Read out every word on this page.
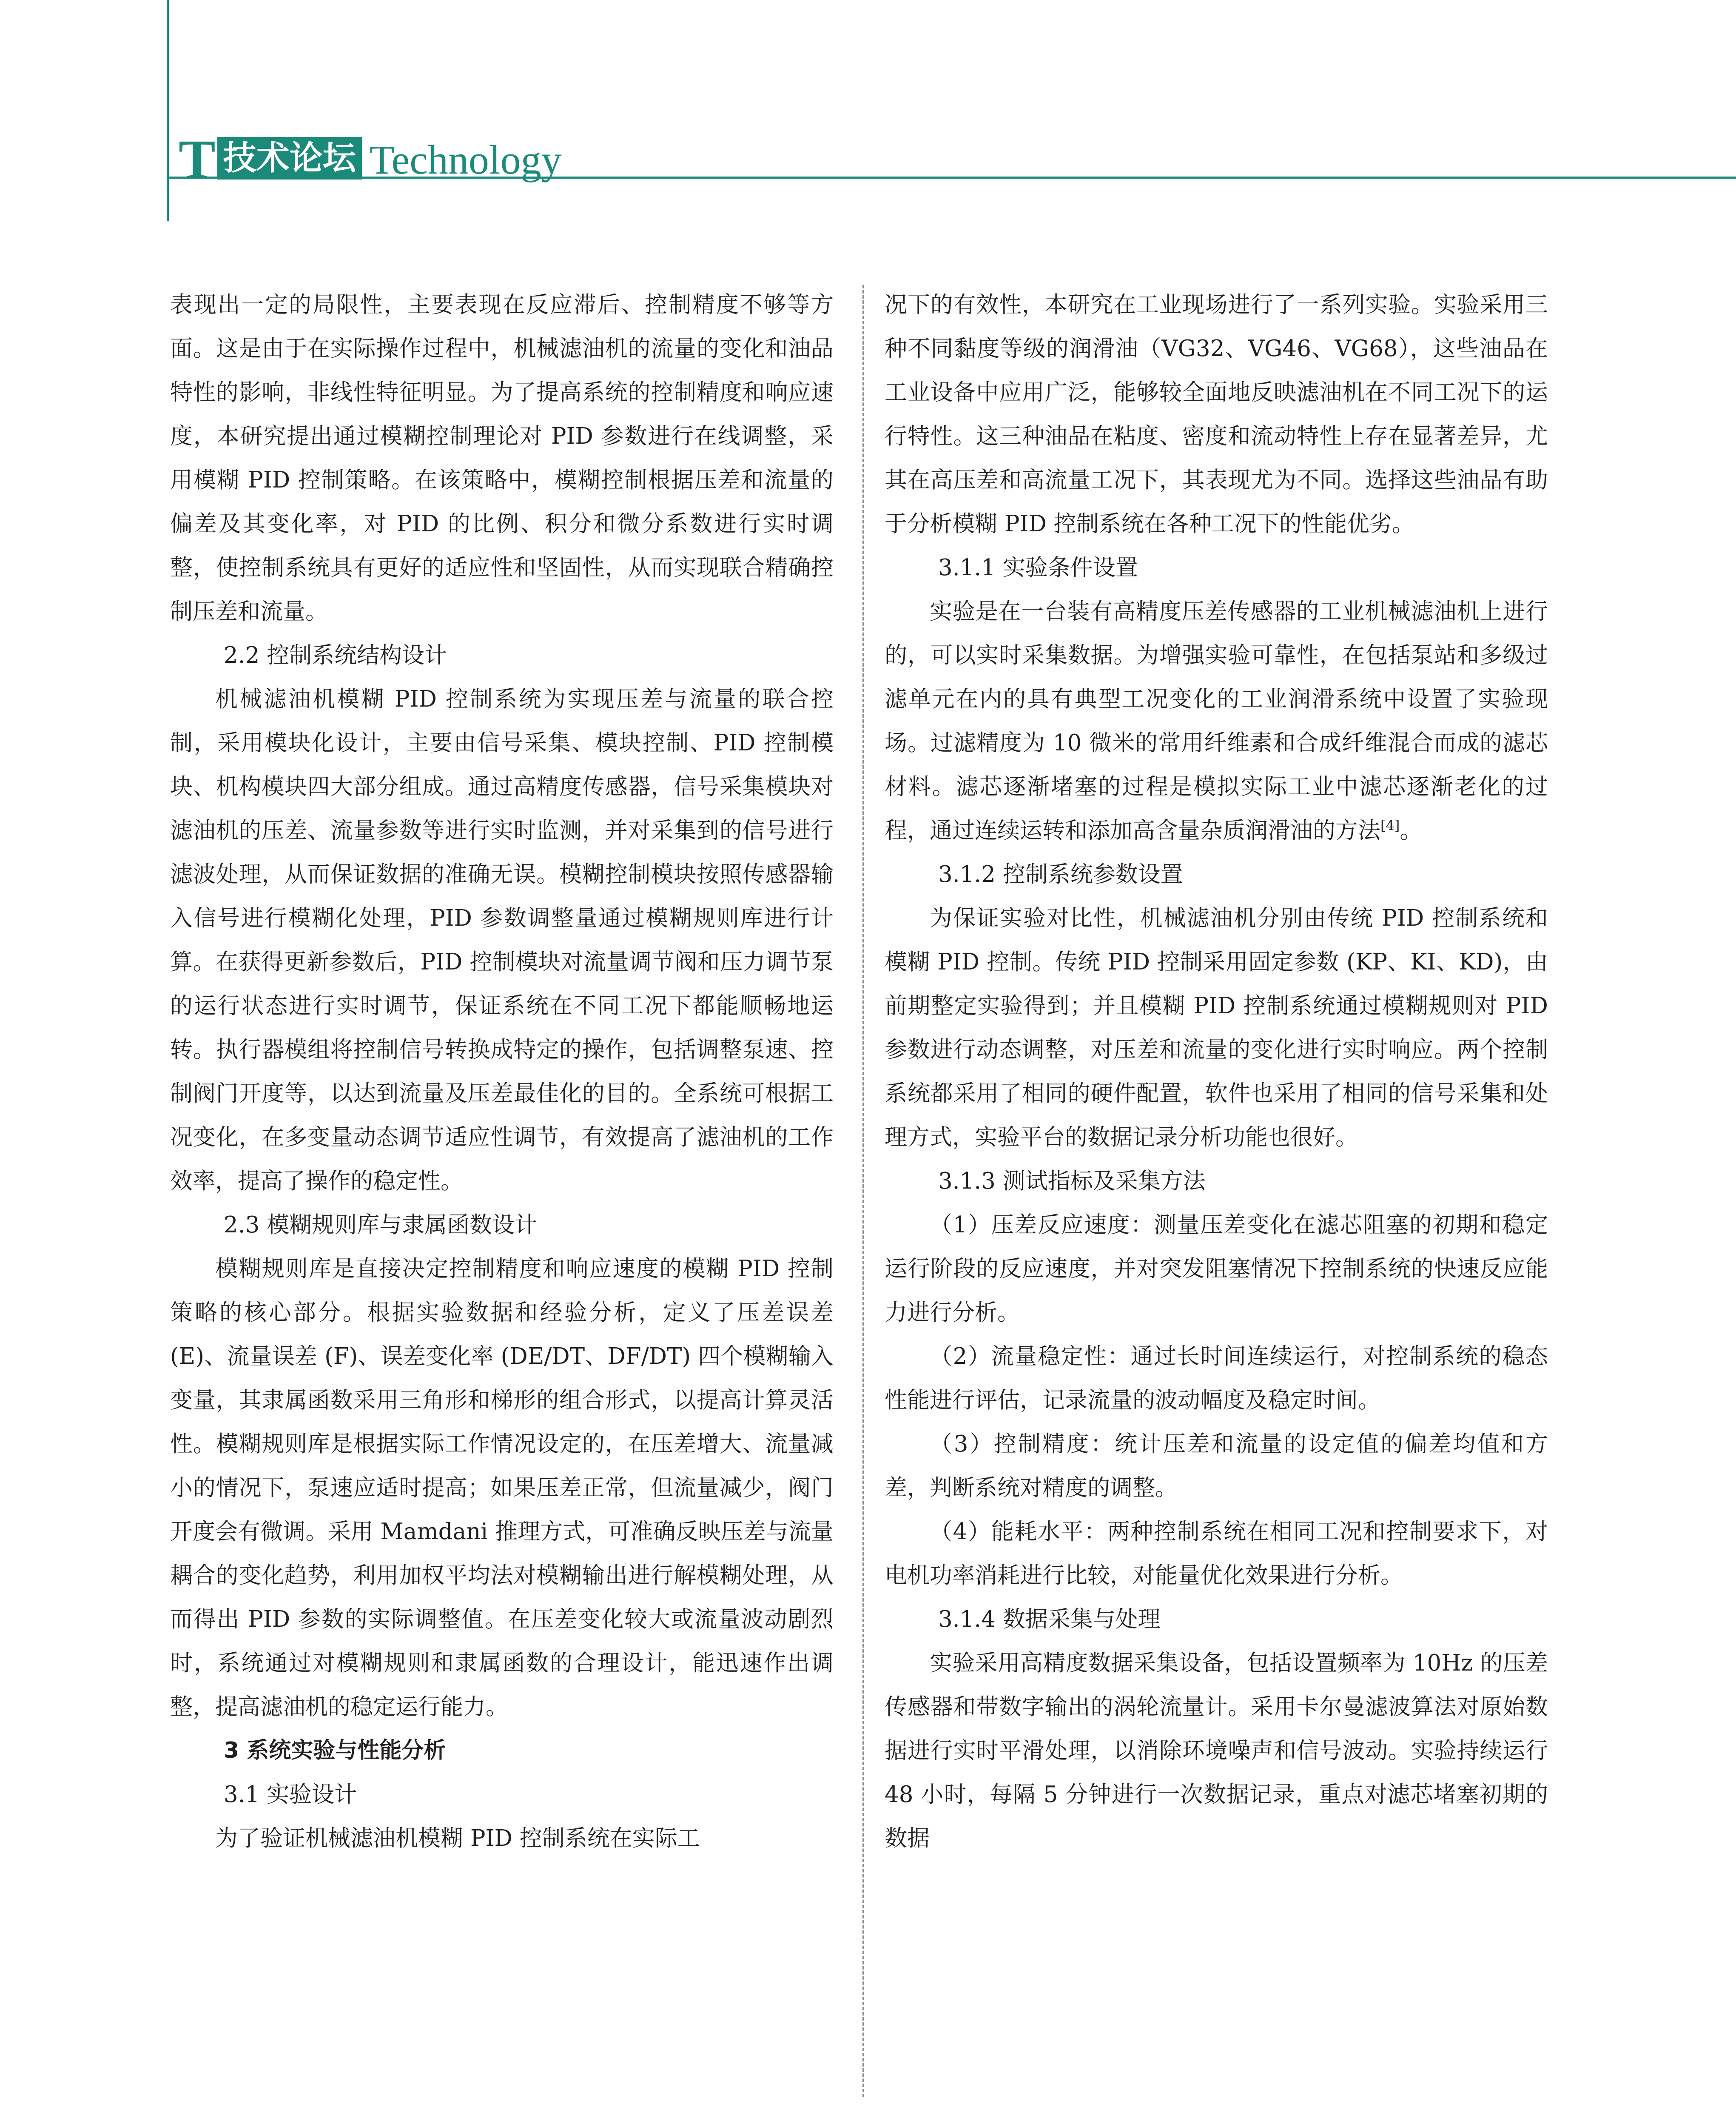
T 技术论坛 Technology

表现出一定的局限性，主要表现在反应滞后、控制精度不够等方面。这是由于在实际操作过程中，机械滤油机的流量的变化和油品特性的影响，非线性特征明显。为了提高系统的控制精度和响应速度，本研究提出通过模糊控制理论对 PID 参数进行在线调整，采用模糊 PID 控制策略。在该策略中，模糊控制根据压差和流量的偏差及其变化率，对 PID 的比例、积分和微分系数进行实时调整，使控制系统具有更好的适应性和坚固性，从而实现联合精确控制压差和流量。

2.2 控制系统结构设计

机械滤油机模糊 PID 控制系统为实现压差与流量的联合控制，采用模块化设计，主要由信号采集、模块控制、PID 控制模块、机构模块四大部分组成。通过高精度传感器，信号采集模块对滤油机的压差、流量参数等进行实时监测，并对采集到的信号进行滤波处理，从而保证数据的准确无误。模糊控制模块按照传感器输入信号进行模糊化处理，PID 参数调整量通过模糊规则库进行计算。在获得更新参数后，PID 控制模块对流量调节阀和压力调节泵的运行状态进行实时调节，保证系统在不同工况下都能顺畅地运转。执行器模组将控制信号转换成特定的操作，包括调整泵速、控制阀门开度等，以达到流量及压差最佳化的目的。全系统可根据工况变化，在多变量动态调节适应性调节，有效提高了滤油机的工作效率，提高了操作的稳定性。

2.3 模糊规则库与隶属函数设计

模糊规则库是直接决定控制精度和响应速度的模糊 PID 控制策略的核心部分。根据实验数据和经验分析，定义了压差误差 (E)、流量误差 (F)、误差变化率 (DE/DT、DF/DT) 四个模糊输入变量，其隶属函数采用三角形和梯形的组合形式，以提高计算灵活性。模糊规则库是根据实际工作情况设定的，在压差增大、流量减小的情况下，泵速应适时提高；如果压差正常，但流量减少，阀门开度会有微调。采用 Mamdani 推理方式，可准确反映压差与流量耦合的变化趋势，利用加权平均法对模糊输出进行解模糊处理，从而得出 PID 参数的实际调整值。在压差变化较大或流量波动剧烈时，系统通过对模糊规则和隶属函数的合理设计，能迅速作出调整，提高滤油机的稳定运行能力。

3 系统实验与性能分析

3.1 实验设计

为了验证机械滤油机模糊 PID 控制系统在实际工

况下的有效性，本研究在工业现场进行了一系列实验。实验采用三种不同黏度等级的润滑油（VG32、VG46、VG68），这些油品在工业设备中应用广泛，能够较全面地反映滤油机在不同工况下的运行特性。这三种油品在粘度、密度和流动特性上存在显著差异，尤其在高压差和高流量工况下，其表现尤为不同。选择这些油品有助于分析模糊 PID 控制系统在各种工况下的性能优劣。

3.1.1 实验条件设置

实验是在一台装有高精度压差传感器的工业机械滤油机上进行的，可以实时采集数据。为增强实验可靠性，在包括泵站和多级过滤单元在内的具有典型工况变化的工业润滑系统中设置了实验现场。过滤精度为 10 微米的常用纤维素和合成纤维混合而成的滤芯材料。滤芯逐渐堵塞的过程是模拟实际工业中滤芯逐渐老化的过程，通过连续运转和添加高含量杂质润滑油的方法[4]。

3.1.2 控制系统参数设置

为保证实验对比性，机械滤油机分别由传统 PID 控制系统和模糊 PID 控制。传统 PID 控制采用固定参数 (KP、KI、KD)，由前期整定实验得到；并且模糊 PID 控制系统通过模糊规则对 PID 参数进行动态调整，对压差和流量的变化进行实时响应。两个控制系统都采用了相同的硬件配置，软件也采用了相同的信号采集和处理方式，实验平台的数据记录分析功能也很好。

3.1.3 测试指标及采集方法

（1）压差反应速度：测量压差变化在滤芯阻塞的初期和稳定运行阶段的反应速度，并对突发阻塞情况下控制系统的快速反应能力进行分析。

（2）流量稳定性：通过长时间连续运行，对控制系统的稳态性能进行评估，记录流量的波动幅度及稳定时间。

（3）控制精度：统计压差和流量的设定值的偏差均值和方差，判断系统对精度的调整。

（4）能耗水平：两种控制系统在相同工况和控制要求下，对电机功率消耗进行比较，对能量优化效果进行分析。

3.1.4 数据采集与处理

实验采用高精度数据采集设备，包括设置频率为 10Hz 的压差传感器和带数字输出的涡轮流量计。采用卡尔曼滤波算法对原始数据进行实时平滑处理，以消除环境噪声和信号波动。实验持续运行 48 小时，每隔 5 分钟进行一次数据记录，重点对滤芯堵塞初期的数据
